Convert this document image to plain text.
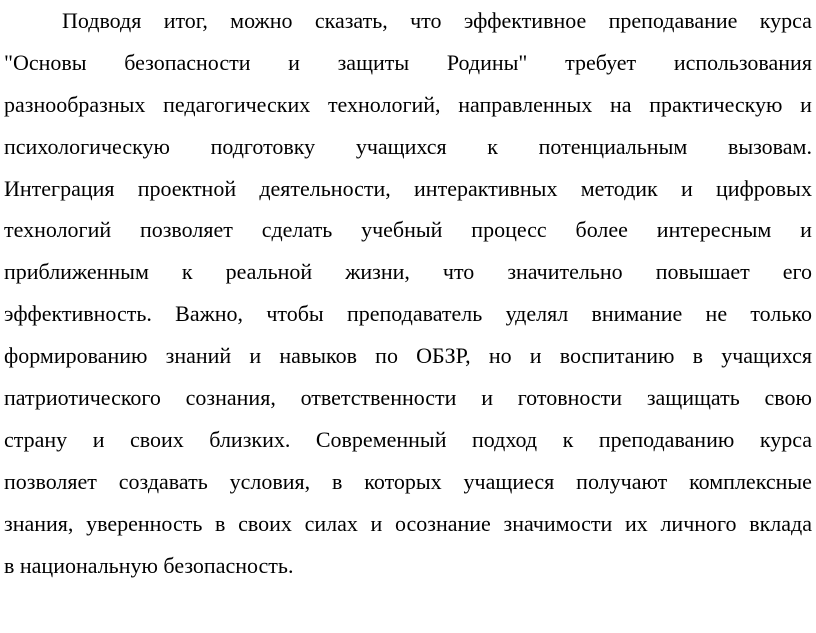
Подводя итог, можно сказать, что эффективное преподавание курса
"Основы безопасности и защиты Родины" требует использования
разнообразных педагогических технологий, направленных на практическую и
психологическую подготовку учащихся к потенциальным вызовам.
Интеграция проектной деятельности, интерактивных методик и цифровых
технологий позволяет сделать учебный процесс более интересным и
приближенным к реальной жизни, что значительно повышает его
эффективность. Важно, чтобы преподаватель уделял внимание не только
формированию знаний и навыков по ОБЗР, но и воспитанию в учащихся
патриотического сознания, ответственности и готовности защищать свою
страну и своих близких. Современный подход к преподаванию курса
позволяет создавать условия, в которых учащиеся получают комплексные
знания, уверенность в своих силах и осознание значимости их личного вклада
в национальную безопасность.
